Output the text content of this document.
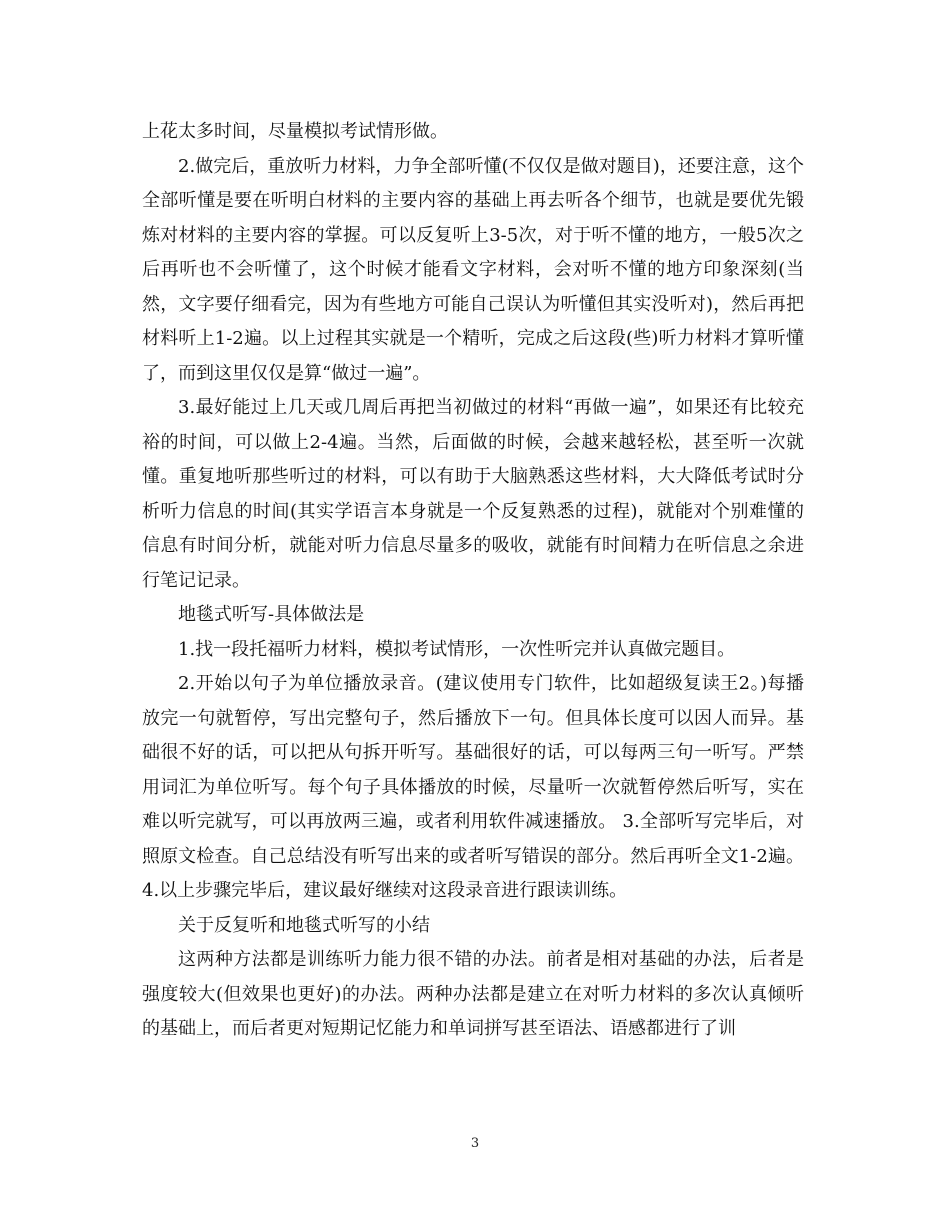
上花太多时间，尽量模拟考试情形做。

2.做完后，重放听力材料，力争全部听懂(不仅仅是做对题目)，还要注意，这个全部听懂是要在听明白材料的主要内容的基础上再去听各个细节，也就是要优先锻炼对材料的主要内容的掌握。可以反复听上3-5次，对于听不懂的地方，一般5次之后再听也不会听懂了，这个时候才能看文字材料，会对听不懂的地方印象深刻(当然，文字要仔细看完，因为有些地方可能自己误认为听懂但其实没听对)，然后再把材料听上1-2遍。以上过程其实就是一个精听，完成之后这段(些)听力材料才算听懂了，而到这里仅仅是算“做过一遍”。

3.最好能过上几天或几周后再把当初做过的材料“再做一遍”，如果还有比较充裕的时间，可以做上2-4遍。当然，后面做的时候，会越来越轻松，甚至听一次就懂。重复地听那些听过的材料，可以有助于大脑熟悉这些材料，大大降低考试时分析听力信息的时间(其实学语言本身就是一个反复熟悉的过程)，就能对个别难懂的信息有时间分析，就能对听力信息尽量多的吸收，就能有时间精力在听信息之余进行笔记记录。

地毯式听写-具体做法是

1.找一段托福听力材料，模拟考试情形，一次性听完并认真做完题目。

2.开始以句子为单位播放录音。(建议使用专门软件，比如超级复读王2。)每播放完一句就暂停，写出完整句子，然后播放下一句。但具体长度可以因人而异。基础很不好的话，可以把从句拆开听写。基础很好的话，可以每两三句一听写。严禁用词汇为单位听写。每个句子具体播放的时候，尽量听一次就暂停然后听写，实在难以听完就写，可以再放两三遍，或者利用软件减速播放。 3.全部听写完毕后，对照原文检查。自己总结没有听写出来的或者听写错误的部分。然后再听全文1-2遍。 4.以上步骤完毕后，建议最好继续对这段录音进行跟读训练。

关于反复听和地毯式听写的小结

这两种方法都是训练听力能力很不错的办法。前者是相对基础的办法，后者是强度较大(但效果也更好)的办法。两种办法都是建立在对听力材料的多次认真倾听的基础上，而后者更对短期记忆能力和单词拼写甚至语法、语感都进行了训

3
